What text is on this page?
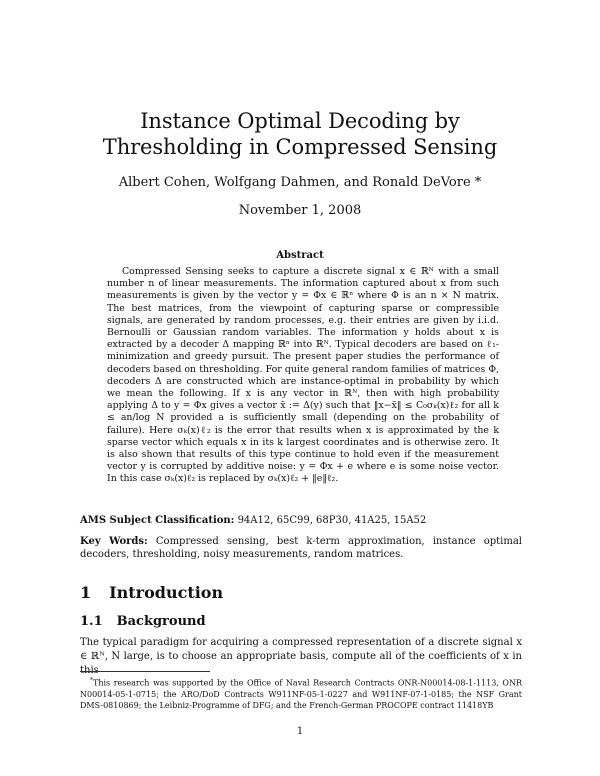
Instance Optimal Decoding by Thresholding in Compressed Sensing
Albert Cohen, Wolfgang Dahmen, and Ronald DeVore *
November 1, 2008
Abstract

Compressed Sensing seeks to capture a discrete signal x ∈ ℝᴺ with a small number n of linear measurements. The information captured about x from such measurements is given by the vector y = Φx ∈ ℝⁿ where Φ is an n × N matrix. The best matrices, from the viewpoint of capturing sparse or compressible signals, are generated by random processes, e.g. their entries are given by i.i.d. Bernoulli or Gaussian random variables. The information y holds about x is extracted by a decoder Δ mapping ℝⁿ into ℝᴺ. Typical decoders are based on ℓ₁-minimization and greedy pursuit. The present paper studies the performance of decoders based on thresholding. For quite general random families of matrices Φ, decoders Δ are constructed which are instance-optimal in probability by which we mean the following. If x is any vector in ℝᴺ, then with high probability applying Δ to y = Φx gives a vector x̄ := Δ(y) such that ‖x−x̄‖ ≤ C₀σₖ(x)ℓ₂ for all k ≤ an/log N provided a is sufficiently small (depending on the probability of failure). Here σₖ(x)ℓ₂ is the error that results when x is approximated by the k sparse vector which equals x in its k largest coordinates and is otherwise zero. It is also shown that results of this type continue to hold even if the measurement vector y is corrupted by additive noise: y = Φx + e where e is some noise vector. In this case σₖ(x)ℓ₂ is replaced by σₖ(x)ℓ₂ + ‖e‖ℓ₂.

AMS Subject Classification: 94A12, 65C99, 68P30, 41A25, 15A52

Key Words: Compressed sensing, best k-term approximation, instance optimal decoders, thresholding, noisy measurements, random matrices.

1 Introduction
1.1 Background

The typical paradigm for acquiring a compressed representation of a discrete signal x ∈ ℝᴺ, N large, is to choose an appropriate basis, compute all of the coefficients of x in this

*This research was supported by the Office of Naval Research Contracts ONR-N00014-08-1-1113, ONR N00014-05-1-0715; the ARO/DoD Contracts W911NF-05-1-0227 and W911NF-07-1-0185; the NSF Grant DMS-0810869; the Leibniz-Programme of DFG; and the French-German PROCOPE contract 11418YB

1
